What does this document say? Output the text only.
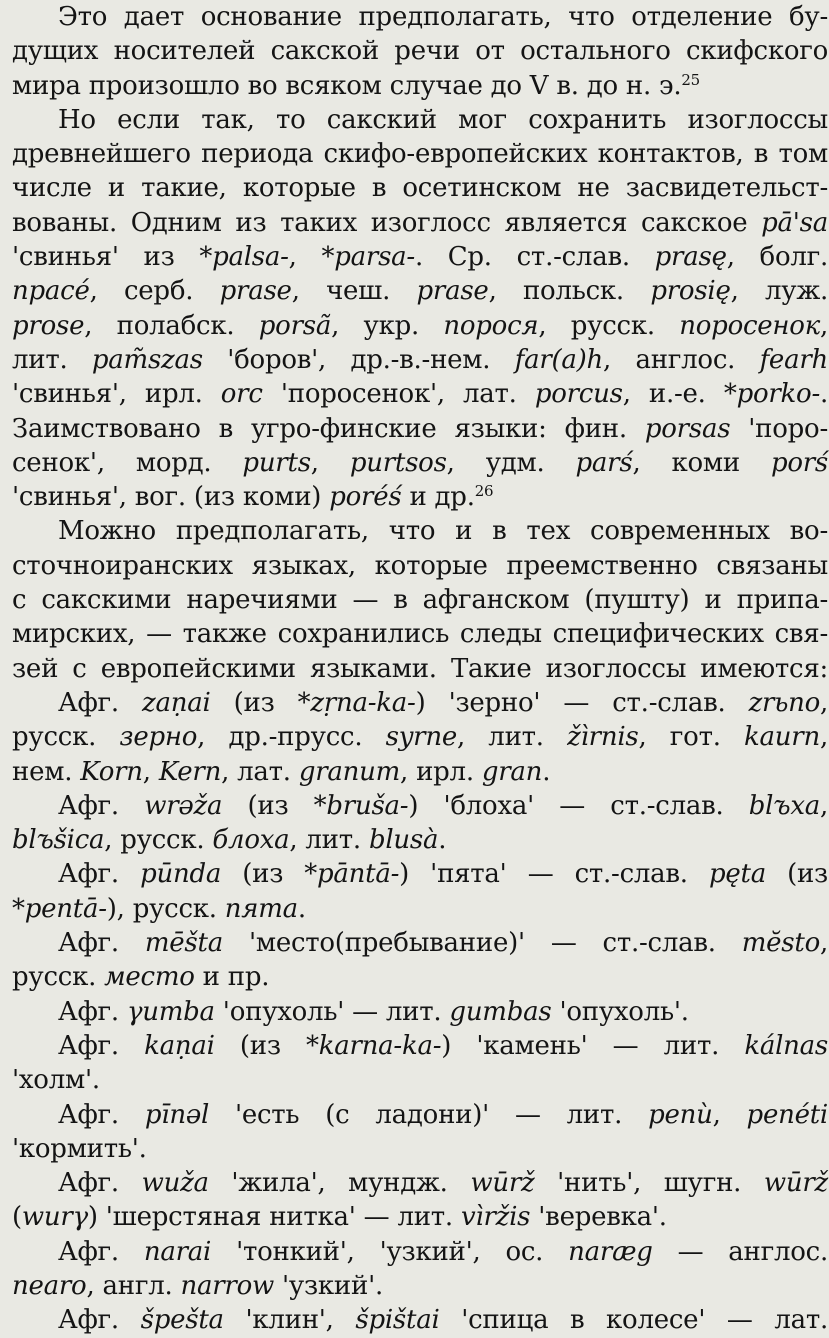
Это дает основание предполагать, что отделение бу-

дущих носителей сакской речи от остального скифского

мира произошло во всяком случае до V в. до н. э.$^{25}$

Но если так, то сакский мог сохранить изоглоссы

древнейшего периода скифо-европейских контактов, в том

числе и такие, которые в осетинском не засвидетельст-

вованы. Одним из таких изоглосс является сакское pā'sa

'свинья' из *palsa-, *parsa-. Ср. ст.-слав. prasę, болг.

прасé, серб. prase, чеш. prase, польск. prosię, луж.

prose, полабск. porsã, укр. порося, русск. поросенок,

лит. pam̃szas 'боров', др.-в.-нем. far(a)h, англос. fearh

'свинья', ирл. orc 'поросенок', лат. porcus, и.-е. *porko-.

Заимствовано в угро-финские языки: фин. porsas 'поро-

сенок', морд. purts, purtsos, удм. parś, коми porś

'свинья', вог. (из коми) poréś и др.$^{26}$

Можно предполагать, что и в тех современных во-

сточноиранских языках, которые преемственно связаны

с сакскими наречиями — в афганском (пушту) и припа-

мирских, — также сохранились следы специфических свя-

зей с европейскими языками. Такие изоглоссы имеются:

Афг. zaṇai (из *zṛna-ka-) 'зерно' — ст.-слав. zrьno,

русск. зерно, др.-прусс. syrne, лит. žìrnis, гот. kaurn,

нем. Korn, Kern, лат. granum, ирл. gran.

Афг. wrəža (из *bruša-) 'блоха' — ст.-слав. blъxa,

blъšica, русск. блоха, лит. blusà.

Афг. pūnda (из *pāntā-) 'пята' — ст.-слав. pęta (из

*pentā-), русск. пята.

Афг. mēšta 'место(пребывание)' — ст.-слав. mĕsto,

русск. место и пр.

Афг. γumba 'опухоль' — лит. gumbas 'опухоль'.

Афг. kaṇai (из *karna-ka-) 'камень' — лит. kálnas

'холм'.

Афг. pīnəl 'есть (с ладони)' — лит. penù, penéti

'кормить'.

Афг. wuža 'жила', мундж. wūrž 'нить', шугн. wūrž

(wurγ) 'шерстяная нитка' — лит. vìržis 'веревка'.

Афг. narai 'тонкий', 'узкий', ос. naræg — англос.

nearo, англ. narrow 'узкий'.

Афг. špešta 'клин', špištai 'спица в колесе' — лат.
